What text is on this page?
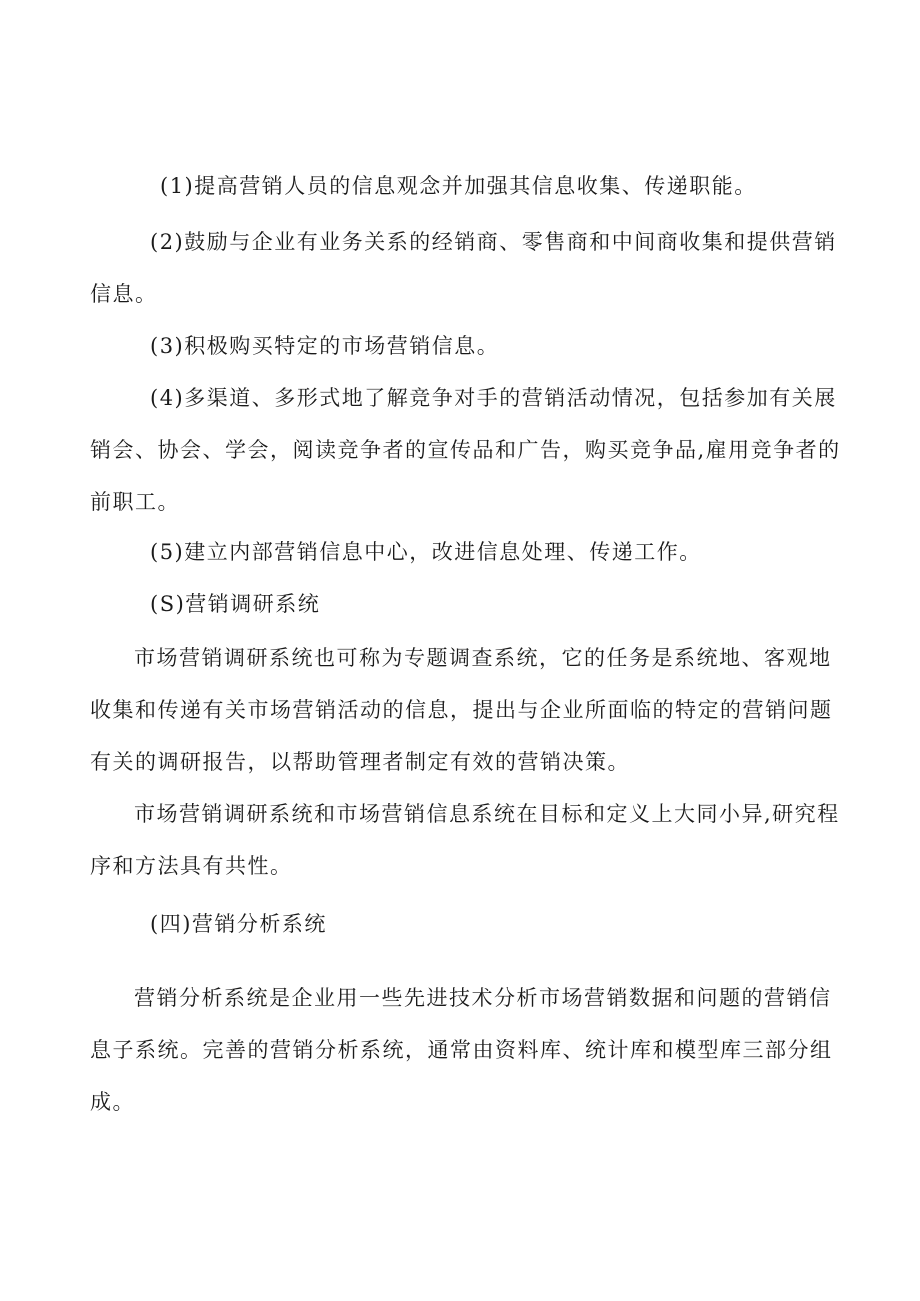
(1)提高营销人员的信息观念并加强其信息收集、传递职能。

(2)鼓励与企业有业务关系的经销商、零售商和中间商收集和提供营销信息。

(3)积极购买特定的市场营销信息。

(4)多渠道、多形式地了解竞争对手的营销活动情况，包括参加有关展销会、协会、学会，阅读竞争者的宣传品和广告，购买竞争品,雇用竞争者的前职工。

(5)建立内部营销信息中心，改进信息处理、传递工作。

(S)营销调研系统

市场营销调研系统也可称为专题调查系统，它的任务是系统地、客观地收集和传递有关市场营销活动的信息，提出与企业所面临的特定的营销问题有关的调研报告，以帮助管理者制定有效的营销决策。

市场营销调研系统和市场营销信息系统在目标和定义上大同小异,研究程序和方法具有共性。

(四)营销分析系统

营销分析系统是企业用一些先进技术分析市场营销数据和问题的营销信息子系统。完善的营销分析系统，通常由资料库、统计库和模型库三部分组成。
